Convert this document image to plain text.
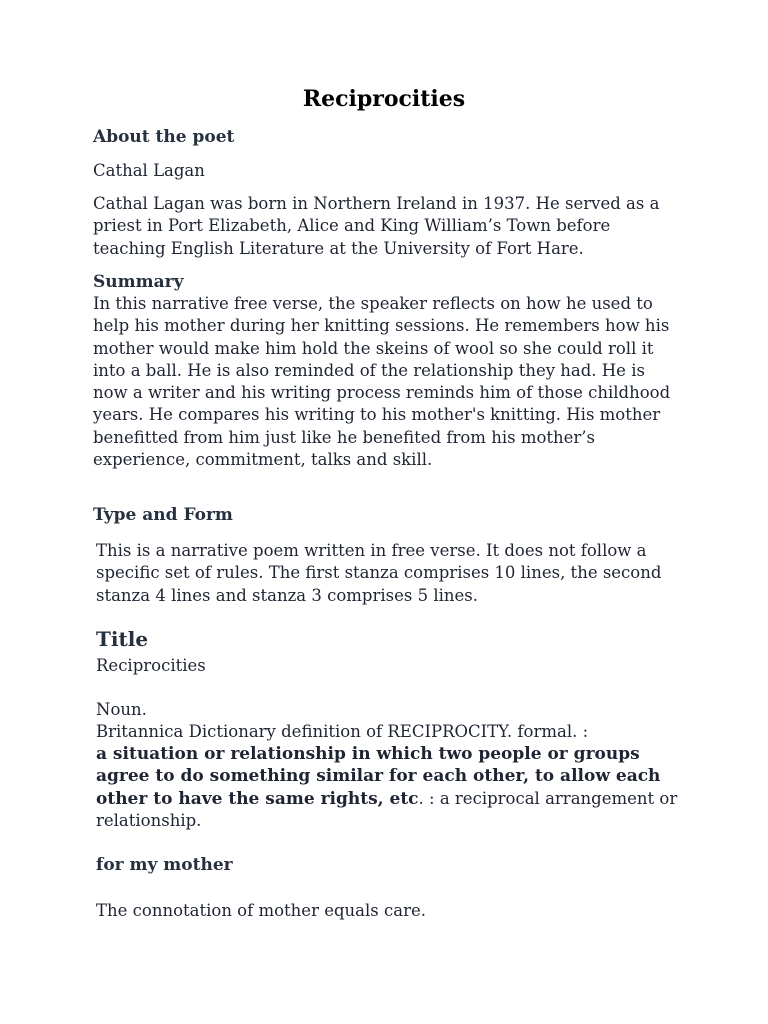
Reciprocities
About the poet
Cathal Lagan
Cathal Lagan was born in Northern Ireland in 1937. He served as a priest in Port Elizabeth, Alice and King William’s Town before teaching English Literature at the University of Fort Hare.
Summary
In this narrative free verse, the speaker reflects on how he used to help his mother during her knitting sessions. He remembers how his mother would make him hold the skeins of wool so she could roll it into a ball. He is also reminded of the relationship they had. He is now a writer and his writing process reminds him of those childhood years. He compares his writing to his mother's knitting. His mother benefitted from him just like he benefited from his mother’s experience, commitment, talks and skill.
Type and Form
This is a narrative poem written in free verse. It does not follow a specific set of rules. The first stanza comprises 10 lines, the second stanza 4 lines and stanza 3 comprises 5 lines.
Title
Reciprocities
Noun.
Britannica Dictionary definition of RECIPROCITY. formal. :
a situation or relationship in which two people or groups agree to do something similar for each other, to allow each other to have the same rights, etc. : a reciprocal arrangement or relationship.
for my mother
The connotation of mother equals care.
